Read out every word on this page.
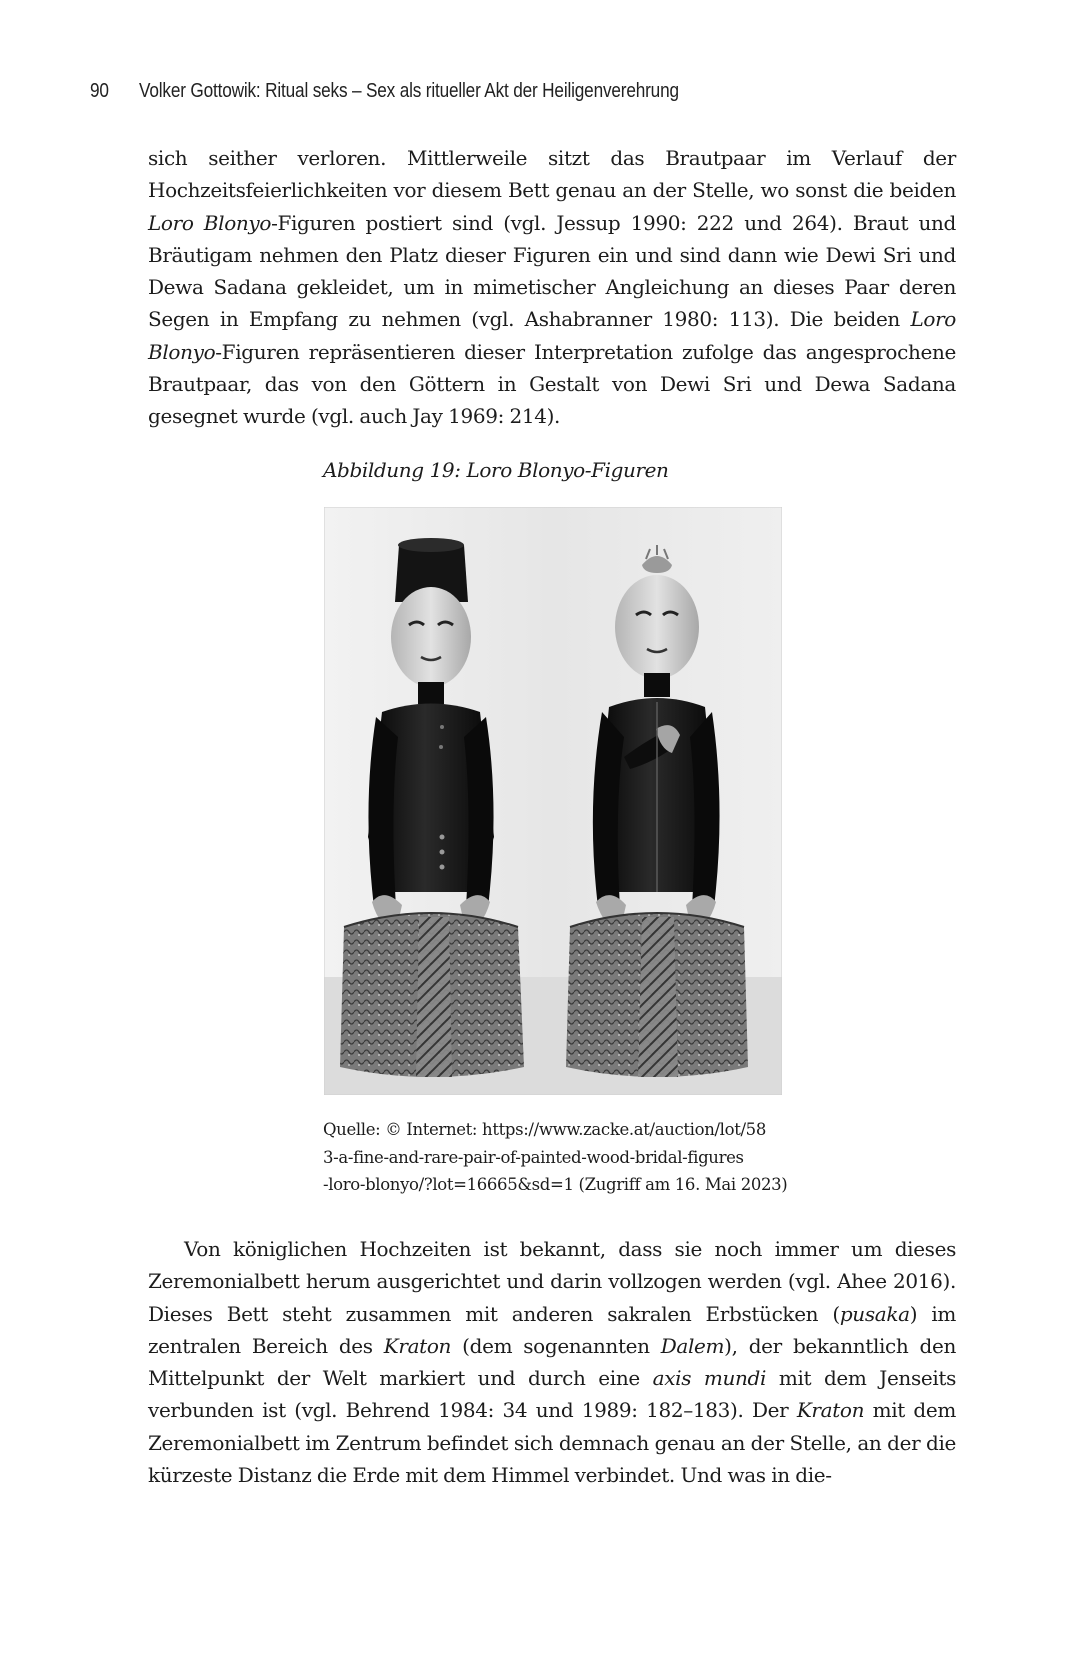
90 Volker Gottowik: Ritual seks – Sex als ritueller Akt der Heiligenverehrung

sich seither verloren. Mittlerweile sitzt das Brautpaar im Verlauf der Hochzeitsfeierlichkeiten vor diesem Bett genau an der Stelle, wo sonst die beiden Loro Blonyo-Figuren postiert sind (vgl. Jessup 1990: 222 und 264). Braut und Bräutigam nehmen den Platz dieser Figuren ein und sind dann wie Dewi Sri und Dewa Sadana gekleidet, um in mimetischer Angleichung an dieses Paar deren Segen in Empfang zu nehmen (vgl. Ashabranner 1980: 113). Die beiden Loro Blonyo-Figuren repräsentieren dieser Interpretation zufolge das angesprochene Brautpaar, das von den Göttern in Gestalt von Dewi Sri und Dewa Sadana gesegnet wurde (vgl. auch Jay 1969: 214).

Abbildung 19: Loro Blonyo-Figuren
Quelle: © Internet: https://www.zacke.at/auction/lot/58
3-a-fine-and-rare-pair-of-painted-wood-bridal-figures
-loro-blonyo/?lot=16665&sd=1 (Zugriff am 16. Mai 2023)

Von königlichen Hochzeiten ist bekannt, dass sie noch immer um dieses Zeremonialbett herum ausgerichtet und darin vollzogen werden (vgl. Ahee 2016). Dieses Bett steht zusammen mit anderen sakralen Erbstücken (pusaka) im zentralen Bereich des Kraton (dem sogenannten Dalem), der bekanntlich den Mittelpunkt der Welt markiert und durch eine axis mundi mit dem Jenseits verbunden ist (vgl. Behrend 1984: 34 und 1989: 182–183). Der Kraton mit dem Zeremonialbett im Zentrum befindet sich demnach genau an der Stelle, an der die kürzeste Distanz die Erde mit dem Himmel verbindet. Und was in die-
